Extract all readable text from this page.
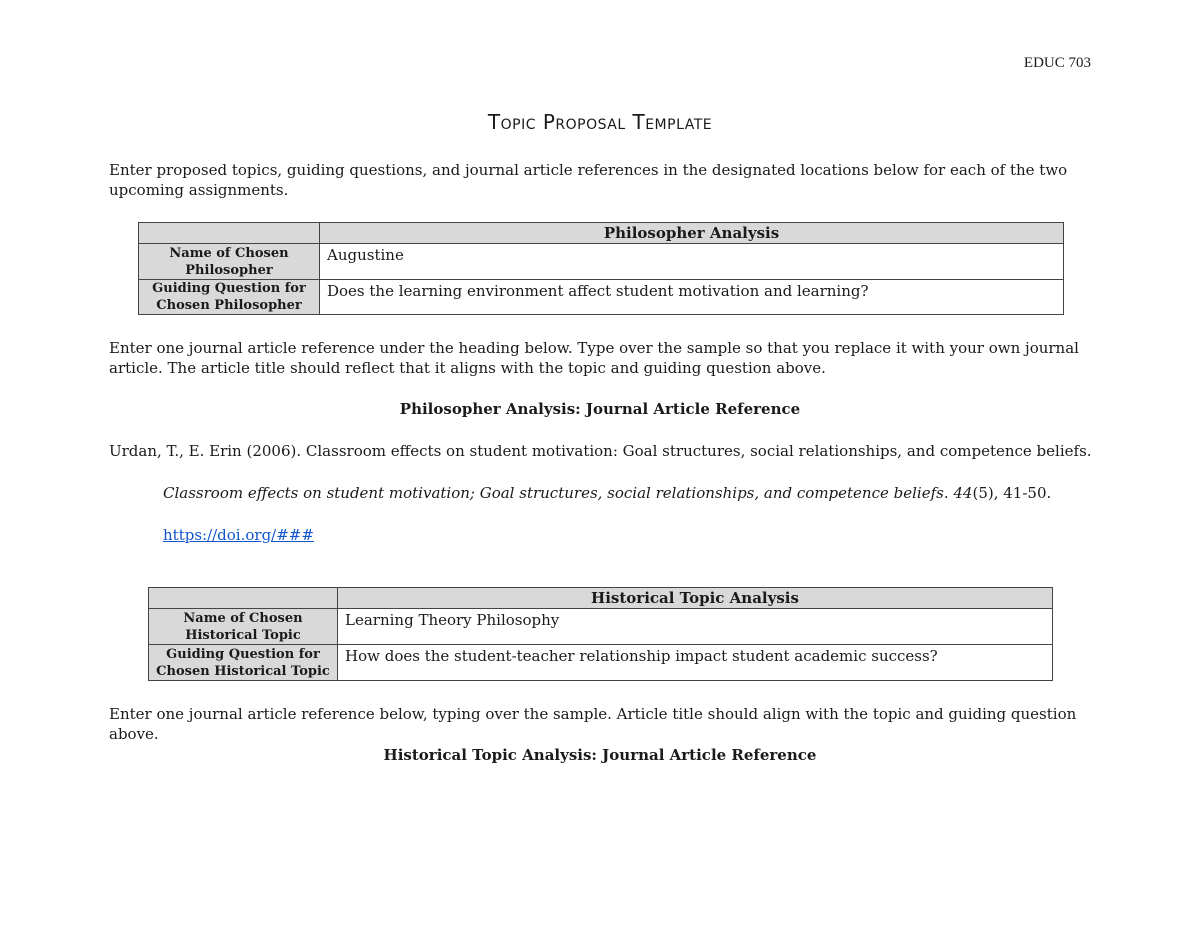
EDUC 703
Topic Proposal Template
Enter proposed topics, guiding questions, and journal article references in the designated locations below for each of the two upcoming assignments.
	Philosopher Analysis
Name of Chosen Philosopher	Augustine
Guiding Question for Chosen Philosopher	Does the learning environment affect student motivation and learning?
Enter one journal article reference under the heading below. Type over the sample so that you replace it with your own journal article. The article title should reflect that it aligns with the topic and guiding question above.
Philosopher Analysis: Journal Article Reference
Urdan, T., E. Erin (2006). Classroom effects on student motivation: Goal structures, social relationships, and competence beliefs.
Classroom effects on student motivation; Goal structures, social relationships, and competence beliefs. 44(5), 41-50.
https://doi.org/###
	Historical Topic Analysis
Name of Chosen Historical Topic	Learning Theory Philosophy
Guiding Question for Chosen Historical Topic	How does the student-teacher relationship impact student academic success?
Enter one journal article reference below, typing over the sample. Article title should align with the topic and guiding question above.
Historical Topic Analysis: Journal Article Reference
